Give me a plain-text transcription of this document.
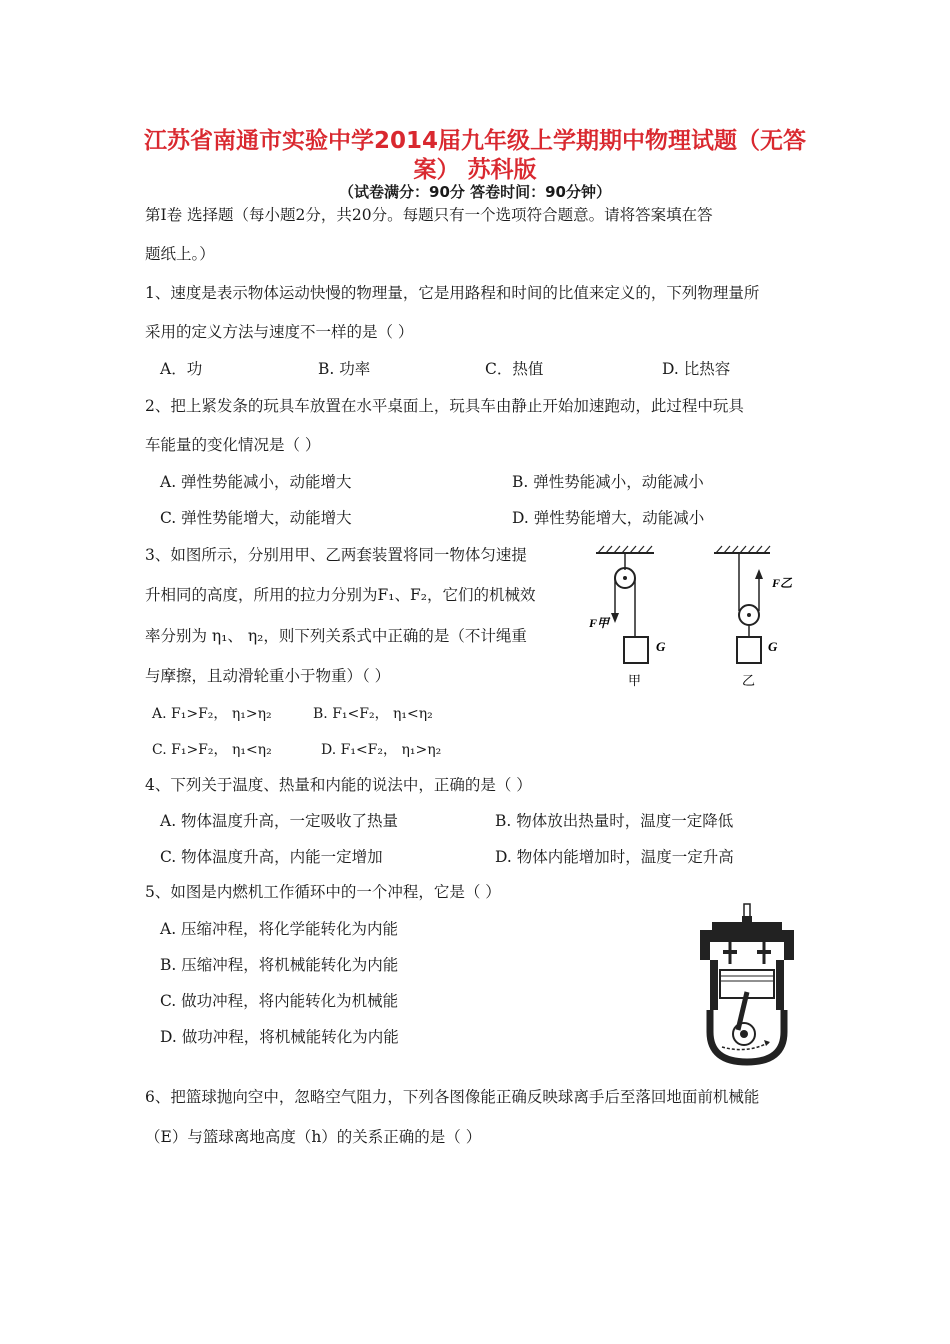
江苏省南通市实验中学2014届九年级上学期期中物理试题（无答
案） 苏科版
（试卷满分：90分 答卷时间：90分钟）
第Ⅰ卷 选择题（每小题2分，共20分。每题只有一个选项符合题意。请将答案填在答
题纸上。）
1、速度是表示物体运动快慢的物理量，它是用路程和时间的比值来定义的，下列物理量所
采用的定义方法与速度不一样的是（ ）
A．功	B. 功率	C．热值	D. 比热容
2、把上紧发条的玩具车放置在水平桌面上，玩具车由静止开始加速跑动，此过程中玩具
车能量的变化情况是（ ）
A. 弹性势能减小，动能增大	B. 弹性势能减小，动能减小
C. 弹性势能增大，动能增大	D. 弹性势能增大，动能减小
3、如图所示，分别用甲、乙两套装置将同一物体匀速提
升相同的高度，所用的拉力分别为F₁、F₂，它们的机械效
率分别为 η₁、 η₂，则下列关系式中正确的是（不计绳重
与摩擦，且动滑轮重小于物重）（ ）
A. F₁>F₂， η₁>η₂	B. F₁<F₂， η₁<η₂
C. F₁>F₂， η₁<η₂	D. F₁<F₂， η₁>η₂
F甲
G
甲
F乙
G
乙
4、下列关于温度、热量和内能的说法中，正确的是（ ）
A. 物体温度升高，一定吸收了热量	B. 物体放出热量时，温度一定降低
C. 物体温度升高，内能一定增加	D. 物体内能增加时，温度一定升高
5、如图是内燃机工作循环中的一个冲程，它是（ ）
A. 压缩冲程，将化学能转化为内能
B. 压缩冲程，将机械能转化为内能
C. 做功冲程，将内能转化为机械能
D. 做功冲程，将机械能转化为内能
6、把篮球抛向空中，忽略空气阻力，下列各图像能正确反映球离手后至落回地面前机械能
（E）与篮球离地高度（h）的关系正确的是（ ）
